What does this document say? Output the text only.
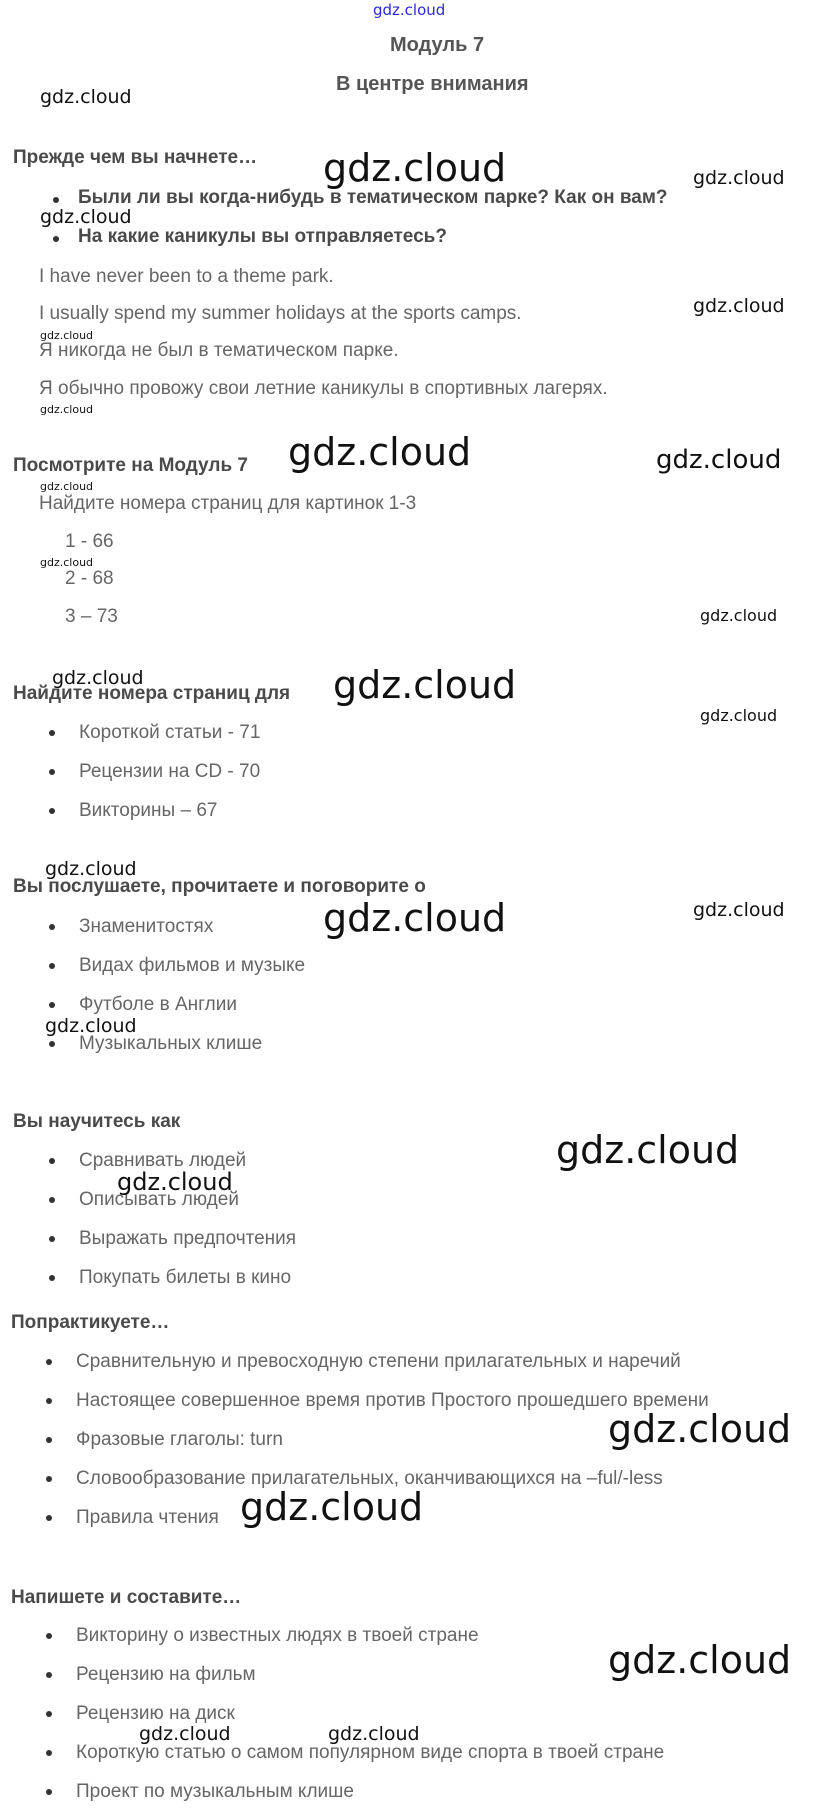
gdz.cloud
Модуль 7
В центре внимания
Прежде чем вы начнете…
Были ли вы когда-нибудь в тематическом парке? Как он вам?
На какие каникулы вы отправляетесь?
I have never been to a theme park.
I usually spend my summer holidays at the sports camps.
Я никогда не был в тематическом парке.
Я обычно провожу свои летние каникулы в спортивных лагерях.
Посмотрите на Модуль 7
Найдите номера страниц для картинок 1-3
1 - 66
2 - 68
3 – 73
Найдите номера страниц для
Короткой статьи - 71
Рецензии на CD - 70
Викторины – 67
Вы послушаете, прочитаете и поговорите о
Знаменитостях
Видах фильмов и музыке
Футболе в Англии
Музыкальных клише
Вы научитесь как
Сравнивать людей
Описывать людей
Выражать предпочтения
Покупать билеты в кино
Попрактикуете…
Сравнительную и превосходную степени прилагательных и наречий
Настоящее совершенное время против Простого прошедшего времени
Фразовые глаголы: turn
Словообразование прилагательных, оканчивающихся на –ful/-less
Правила чтения
Напишете и составите…
Викторину о известных людях в твоей стране
Рецензию на фильм
Рецензию на диск
Короткую статью о самом популярном виде спорта в твоей стране
Проект по музыкальным клише
gdz.cloud
gdz.cloud	gdz.cloud
gdz.cloud
gdz.cloud
gdz.cloud
gdz.cloud
gdz.cloud	gdz.cloud
gdz.cloud
gdz.cloud
gdz.cloud
gdz.cloud	gdz.cloud
gdz.cloud
gdz.cloud
gdz.cloud	gdz.cloud
gdz.cloud
gdz.cloud
gdz.cloud
gdz.cloud
gdz.cloud
gdz.cloud
gdz.cloud	gdz.cloud
